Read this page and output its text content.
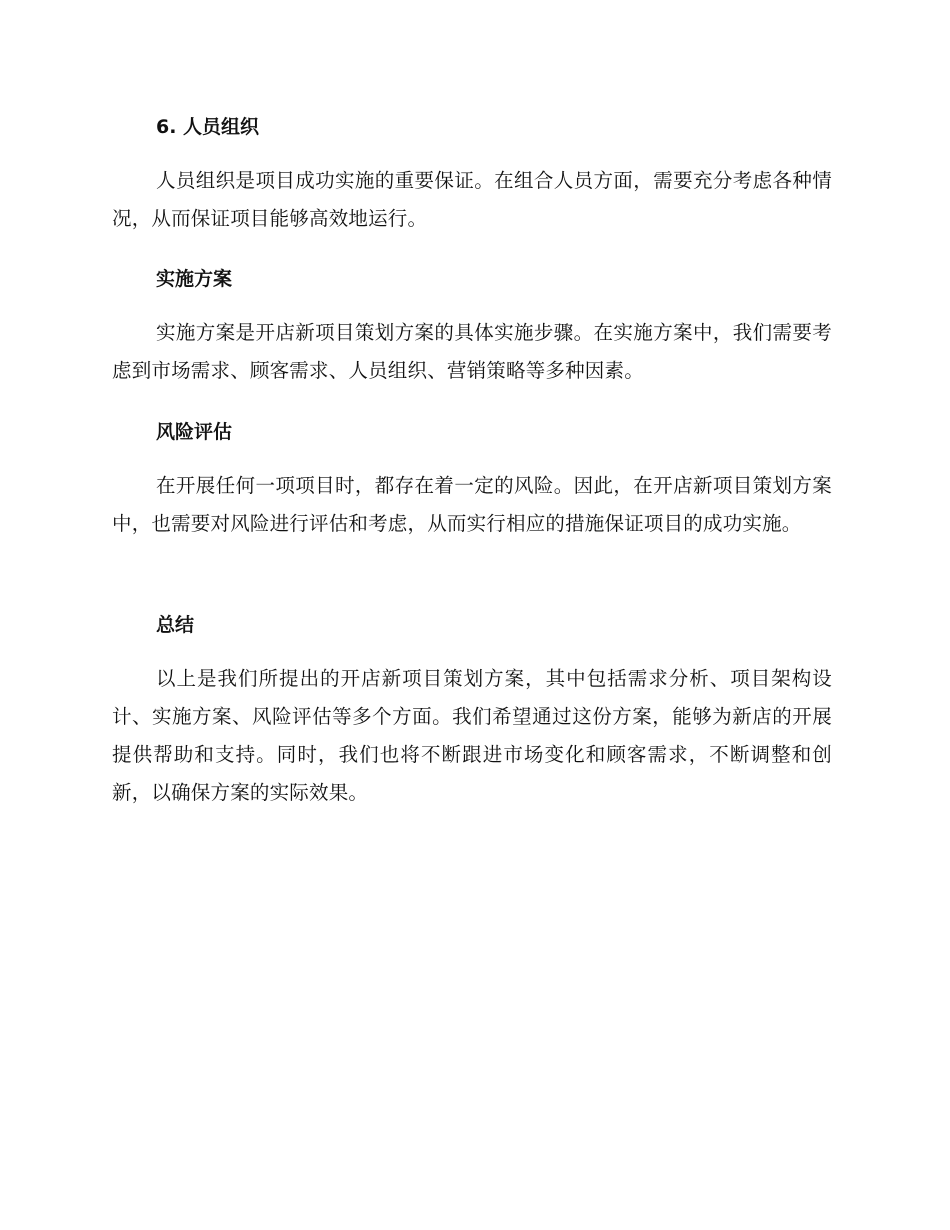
6. 人员组织

人员组织是项目成功实施的重要保证。在组合人员方面，需要充分考虑各种情况，从而保证项目能够高效地运行。

实施方案

实施方案是开店新项目策划方案的具体实施步骤。在实施方案中，我们需要考虑到市场需求、顾客需求、人员组织、营销策略等多种因素。

风险评估

在开展任何一项项目时，都存在着一定的风险。因此，在开店新项目策划方案中，也需要对风险进行评估和考虑，从而实行相应的措施保证项目的成功实施。

总结

以上是我们所提出的开店新项目策划方案，其中包括需求分析、项目架构设计、实施方案、风险评估等多个方面。我们希望通过这份方案，能够为新店的开展提供帮助和支持。同时，我们也将不断跟进市场变化和顾客需求，不断调整和创新，以确保方案的实际效果。
